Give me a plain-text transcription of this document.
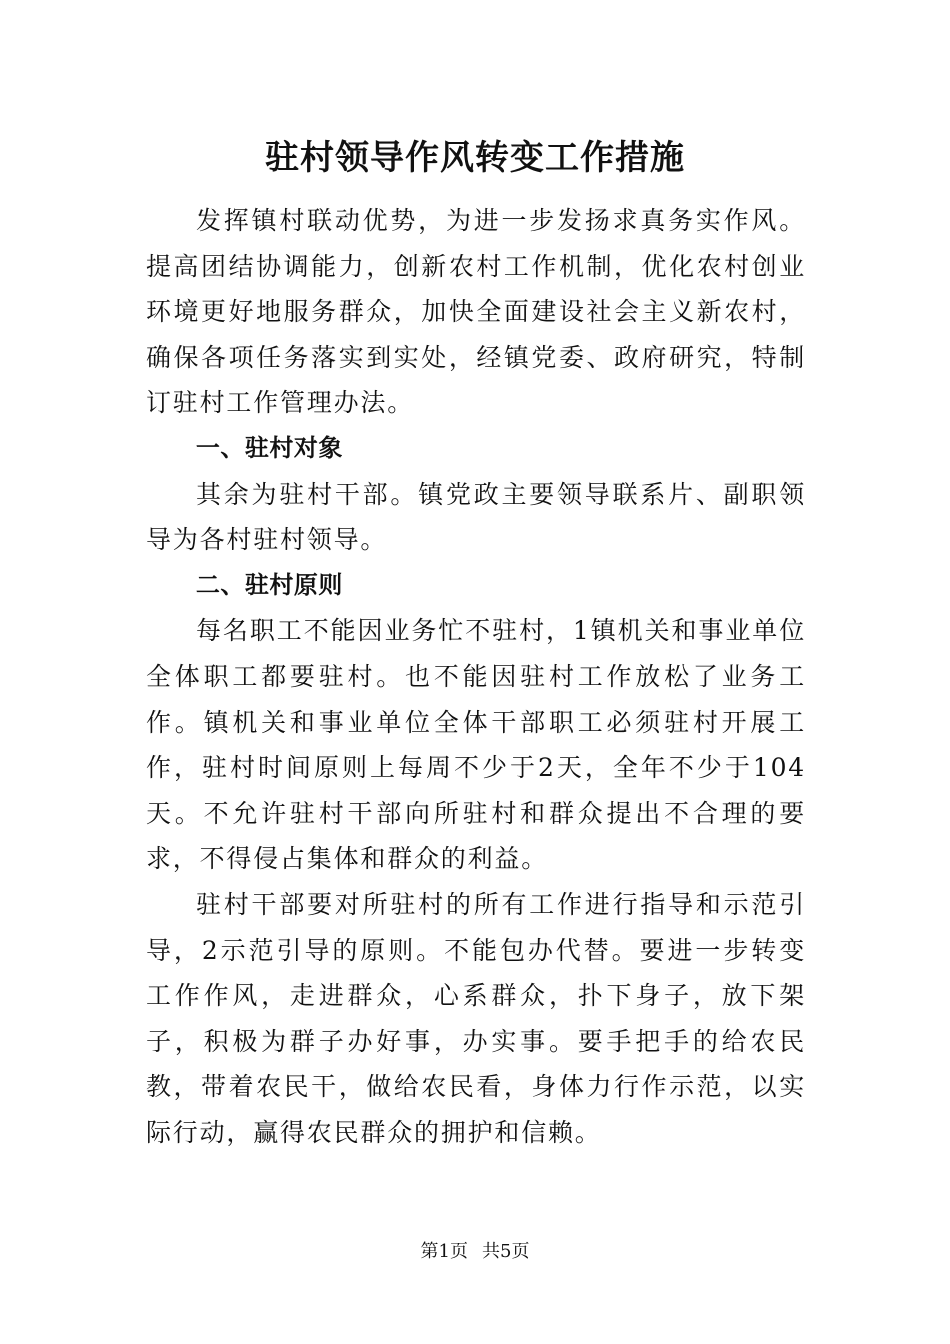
驻村领导作风转变工作措施

发挥镇村联动优势，为进一步发扬求真务实作风。提高团结协调能力，创新农村工作机制，优化农村创业环境更好地服务群众，加快全面建设社会主义新农村，确保各项任务落实到实处，经镇党委、政府研究，特制订驻村工作管理办法。

一、驻村对象

其余为驻村干部。镇党政主要领导联系片、副职领导为各村驻村领导。

二、驻村原则

每名职工不能因业务忙不驻村，1镇机关和事业单位全体职工都要驻村。也不能因驻村工作放松了业务工作。镇机关和事业单位全体干部职工必须驻村开展工作，驻村时间原则上每周不少于2天，全年不少于104天。不允许驻村干部向所驻村和群众提出不合理的要求，不得侵占集体和群众的利益。

驻村干部要对所驻村的所有工作进行指导和示范引导，2示范引导的原则。不能包办代替。要进一步转变工作作风，走进群众，心系群众，扑下身子，放下架子，积极为群子办好事，办实事。要手把手的给农民教，带着农民干，做给农民看，身体力行作示范，以实际行动，赢得农民群众的拥护和信赖。

第1页 共5页
